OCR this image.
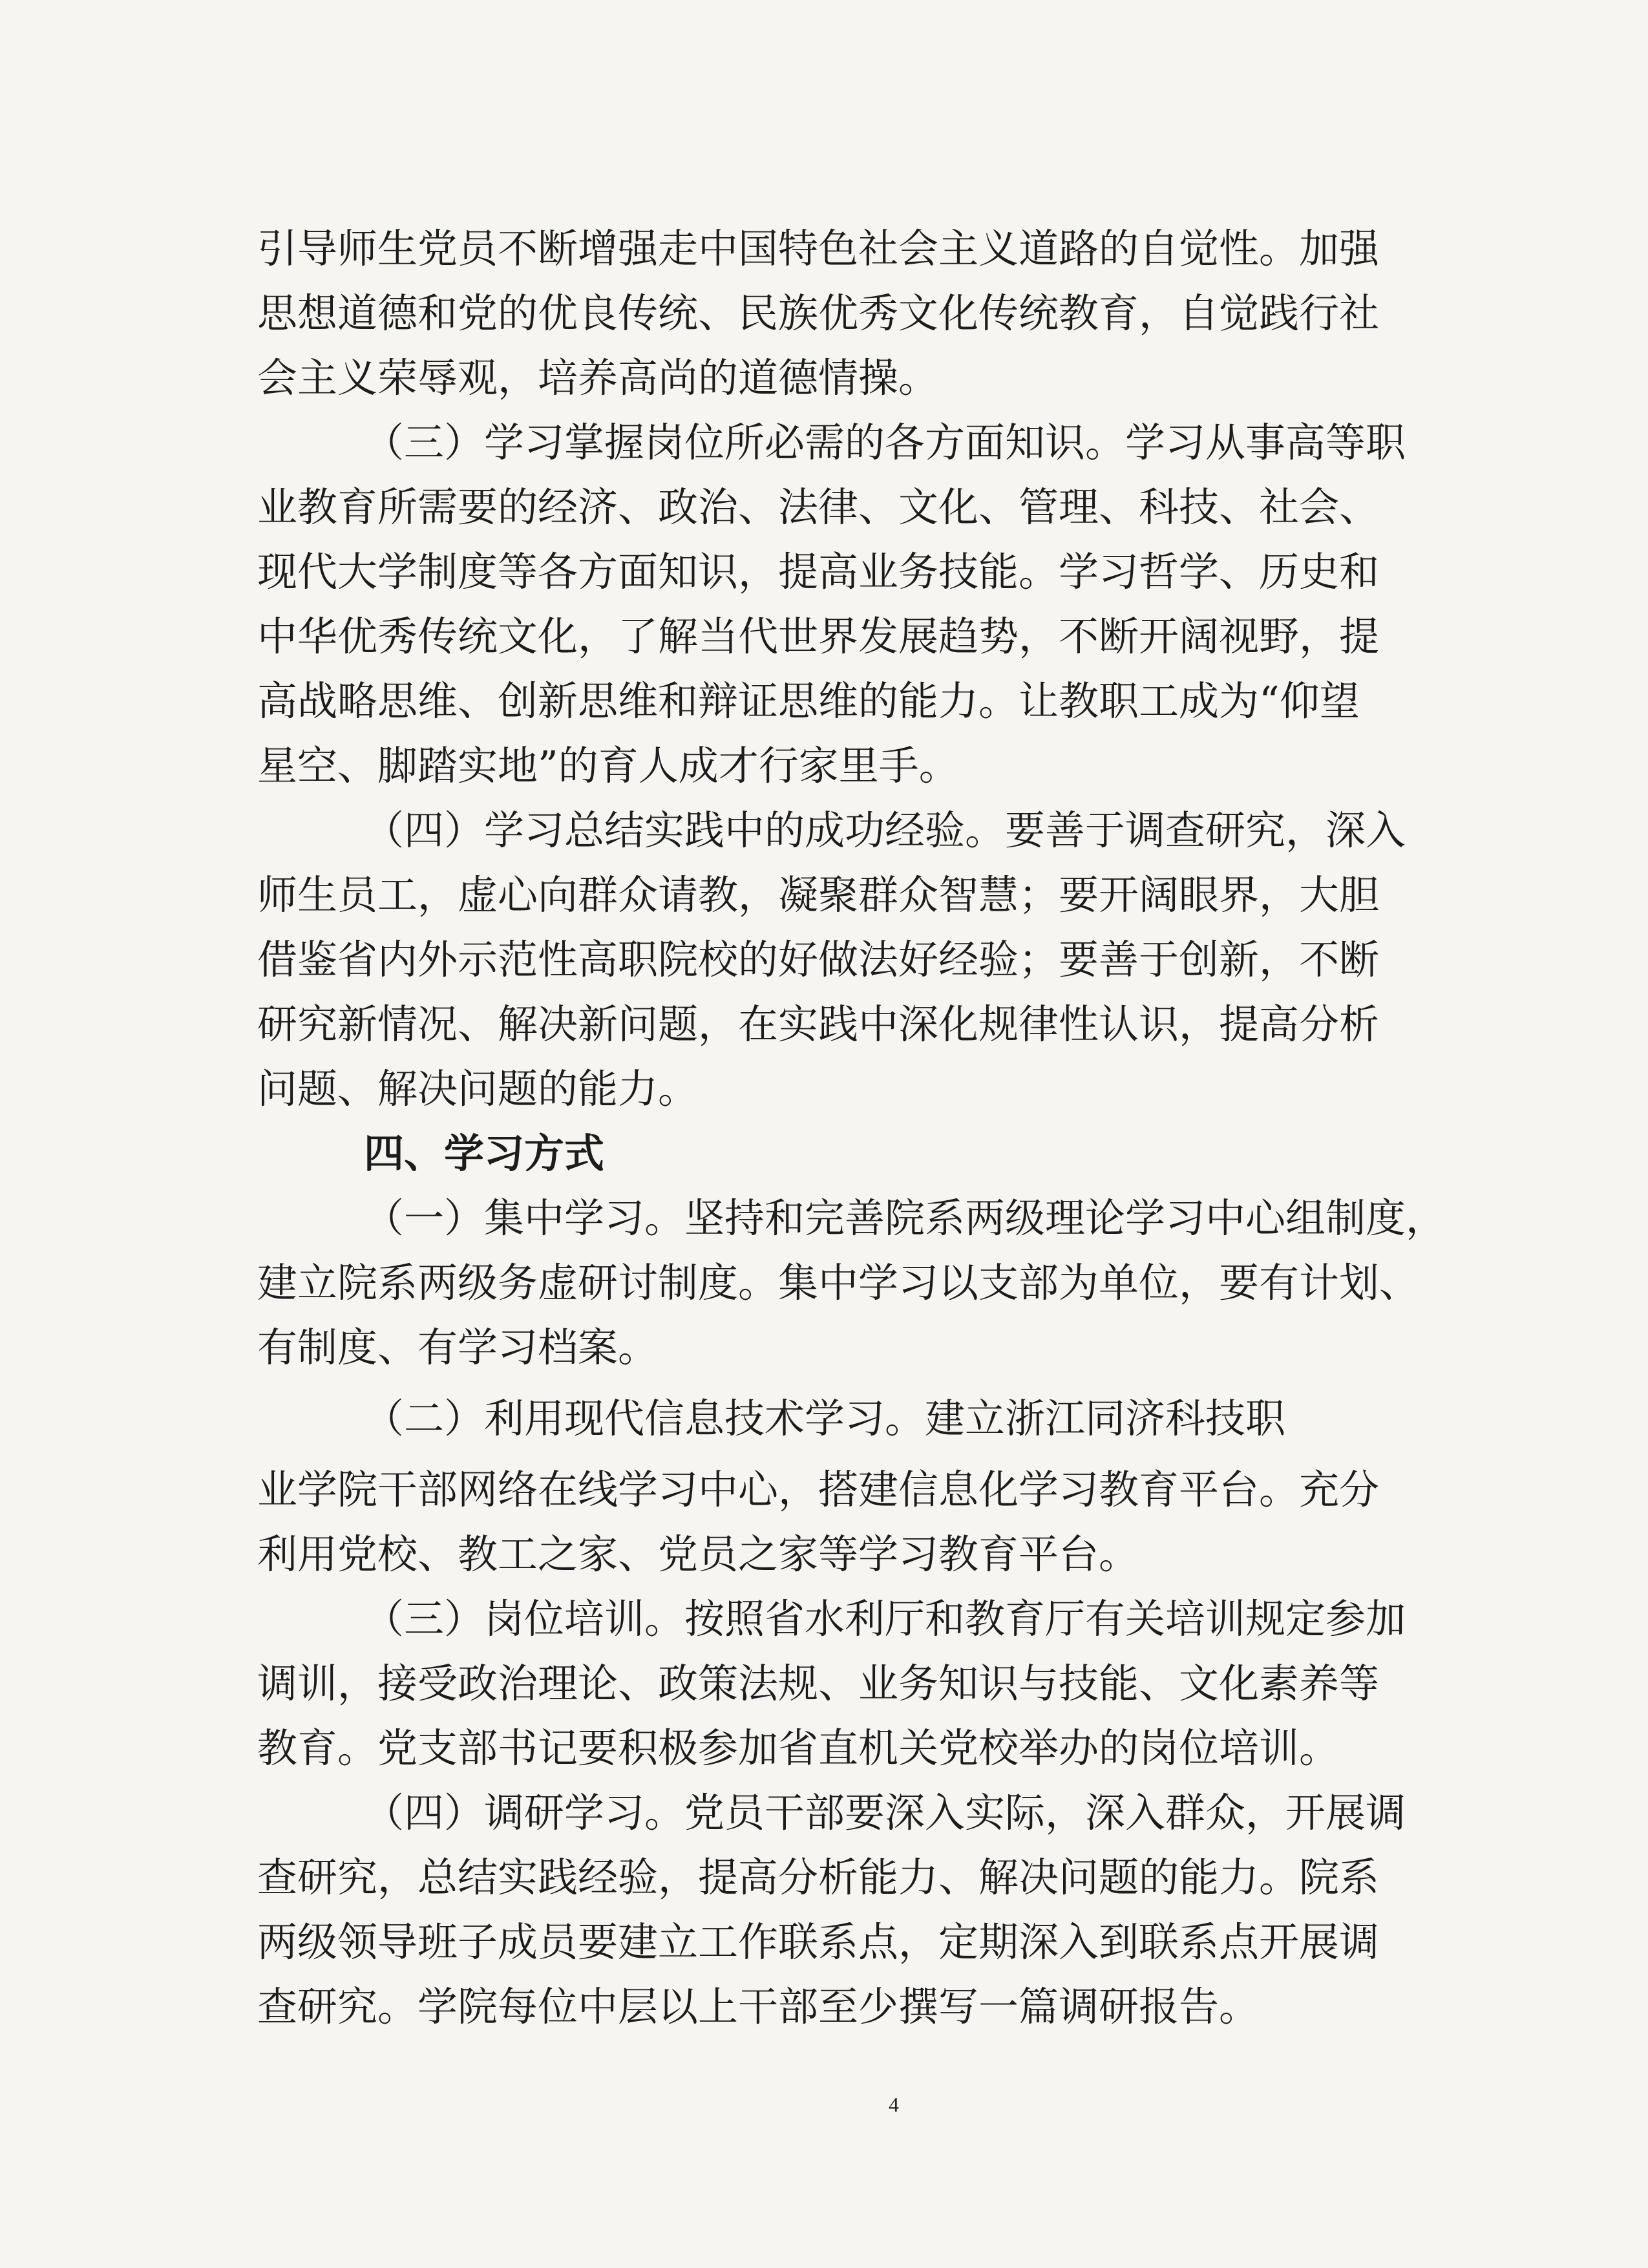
引导师生党员不断增强走中国特色社会主义道路的自觉性。加强
思想道德和党的优良传统、民族优秀文化传统教育，自觉践行社
会主义荣辱观，培养高尚的道德情操。
（三）学习掌握岗位所必需的各方面知识。学习从事高等职
业教育所需要的经济、政治、法律、文化、管理、科技、社会、
现代大学制度等各方面知识，提高业务技能。学习哲学、历史和
中华优秀传统文化，了解当代世界发展趋势，不断开阔视野，提
高战略思维、创新思维和辩证思维的能力。让教职工成为“仰望
星空、脚踏实地”的育人成才行家里手。
（四）学习总结实践中的成功经验。要善于调查研究，深入
师生员工，虚心向群众请教，凝聚群众智慧；要开阔眼界，大胆
借鉴省内外示范性高职院校的好做法好经验；要善于创新，不断
研究新情况、解决新问题，在实践中深化规律性认识，提高分析
问题、解决问题的能力。
四、学习方式
（一）集中学习。坚持和完善院系两级理论学习中心组制度，
建立院系两级务虚研讨制度。集中学习以支部为单位，要有计划、
有制度、有学习档案。
（二）利用现代信息技术学习。建立浙江同济科技职
业学院干部网络在线学习中心，搭建信息化学习教育平台。充分
利用党校、教工之家、党员之家等学习教育平台。
（三）岗位培训。按照省水利厅和教育厅有关培训规定参加
调训，接受政治理论、政策法规、业务知识与技能、文化素养等
教育。党支部书记要积极参加省直机关党校举办的岗位培训。
（四）调研学习。党员干部要深入实际，深入群众，开展调
查研究，总结实践经验，提高分析能力、解决问题的能力。院系
两级领导班子成员要建立工作联系点，定期深入到联系点开展调
查研究。学院每位中层以上干部至少撰写一篇调研报告。
4
